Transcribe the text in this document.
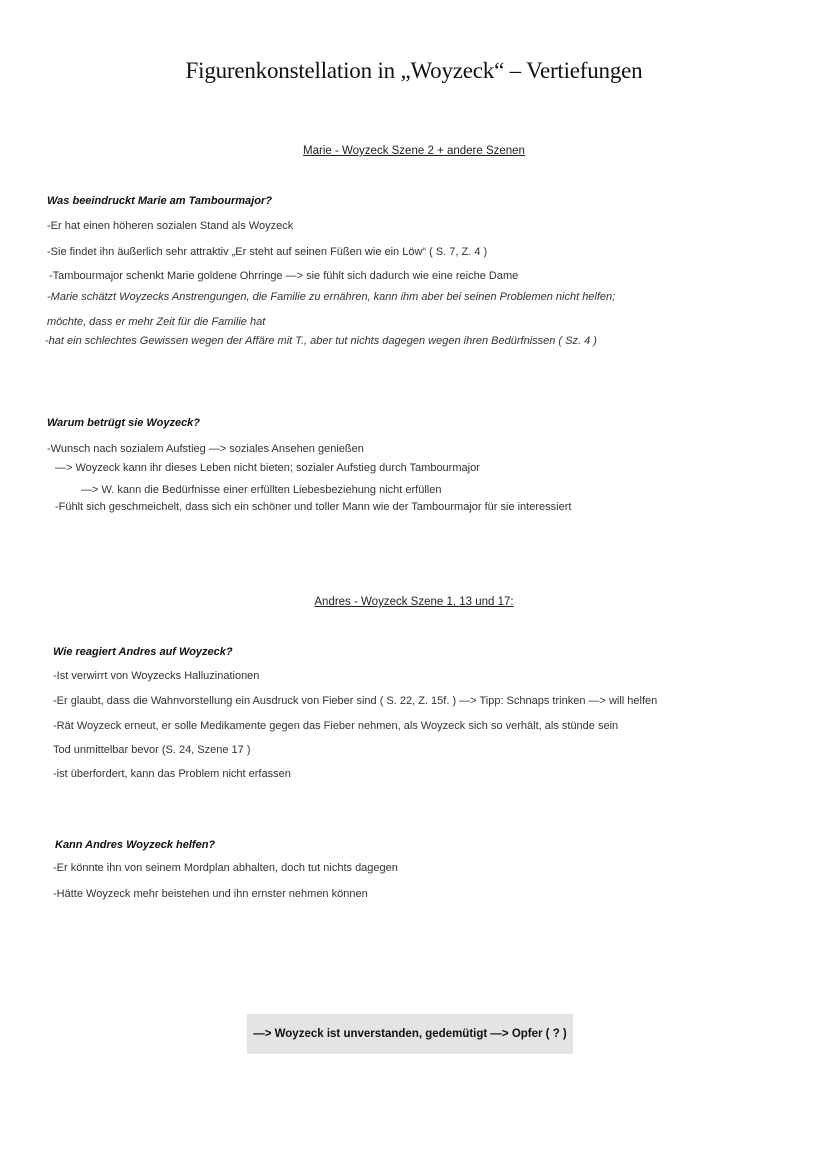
Figurenkonstellation in „Woyzeck“ – Vertiefungen
Marie - Woyzeck Szene 2 + andere Szenen
Was beeindruckt Marie am Tambourmajor?
-Er hat einen höheren sozialen Stand als Woyzeck
-Sie findet ihn äußerlich sehr attraktiv „Er steht auf seinen Füßen wie ein Löw“ ( S. 7, Z. 4 )
-Tambourmajor schenkt Marie goldene Ohrringe —> sie fühlt sich dadurch wie eine reiche Dame
-Marie schätzt Woyzecks Anstrengungen, die Familie zu ernähren, kann ihm aber bei seinen Problemen nicht helfen;
möchte, dass er mehr Zeit für die Familie hat
-hat ein schlechtes Gewissen wegen der Affäre mit T., aber tut nichts dagegen wegen ihren Bedürfnissen ( Sz. 4 )
Warum betrügt sie Woyzeck?
-Wunsch nach sozialem Aufstieg —> soziales Ansehen genießen
—> Woyzeck kann ihr dieses Leben nicht bieten; sozialer Aufstieg durch Tambourmajor
—> W. kann die Bedürfnisse einer erfüllten Liebesbeziehung nicht erfüllen
-Fühlt sich geschmeichelt, dass sich ein schöner und toller Mann wie der Tambourmajor für sie interessiert
Andres - Woyzeck Szene 1, 13 und 17:
Wie reagiert Andres auf Woyzeck?
-Ist verwirrt von Woyzecks Halluzinationen
-Er glaubt, dass die Wahnvorstellung ein Ausdruck von Fieber sind ( S. 22, Z. 15f. ) —> Tipp: Schnaps trinken —> will helfen
-Rät Woyzeck erneut, er solle Medikamente gegen das Fieber nehmen, als Woyzeck sich so verhält, als stünde sein
Tod unmittelbar bevor (S. 24, Szene 17 )
-ist überfordert, kann das Problem nicht erfassen
Kann Andres Woyzeck helfen?
-Er könnte ihn von seinem Mordplan abhalten, doch tut nichts dagegen
-Hätte Woyzeck mehr beistehen und ihn ernster nehmen können
—> Woyzeck ist unverstanden, gedemütigt —> Opfer ( ? )
